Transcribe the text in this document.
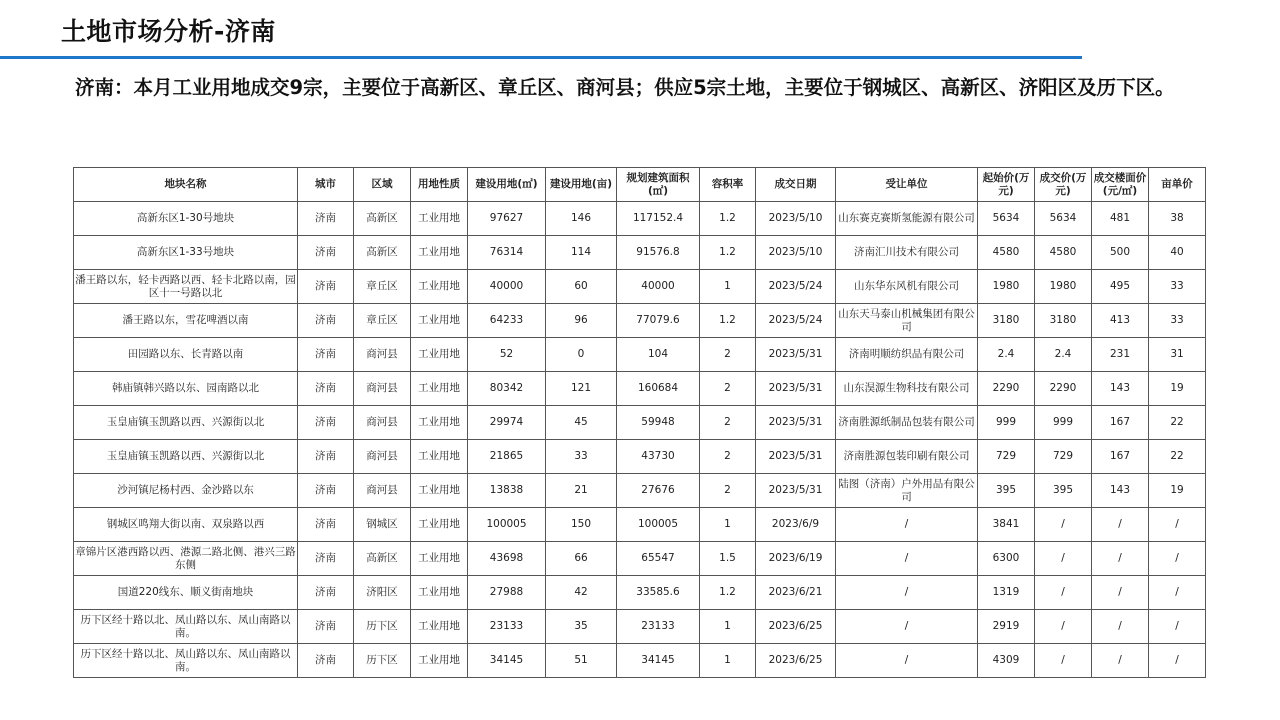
土地市场分析-济南
济南：本月工业用地成交9宗，主要位于高新区、章丘区、商河县；供应5宗土地，主要位于钢城区、高新区、济阳区及历下区。
地块名称	城市	区域	用地性质	建设用地(㎡)	建设用地(亩)	规划建筑面积(㎡)	容积率	成交日期	受让单位	起始价(万元)	成交价(万元)	成交楼面价(元/㎡)	亩单价
高新东区1-30号地块	济南	高新区	工业用地	97627	146	117152.4	1.2	2023/5/10	山东赛克赛斯氢能源有限公司	5634	5634	481	38
高新东区1-33号地块	济南	高新区	工业用地	76314	114	91576.8	1.2	2023/5/10	济南汇川技术有限公司	4580	4580	500	40
潘王路以东，轻卡西路以西、轻卡北路以南，园区十一号路以北	济南	章丘区	工业用地	40000	60	40000	1	2023/5/24	山东华东风机有限公司	1980	1980	495	33
潘王路以东，雪花啤酒以南	济南	章丘区	工业用地	64233	96	77079.6	1.2	2023/5/24	山东天马泰山机械集团有限公司	3180	3180	413	33
田园路以东、长青路以南	济南	商河县	工业用地	52	0	104	2	2023/5/31	济南明顺纺织品有限公司	2.4	2.4	231	31
韩庙镇韩兴路以东、园南路以北	济南	商河县	工业用地	80342	121	160684	2	2023/5/31	山东淏源生物科技有限公司	2290	2290	143	19
玉皇庙镇玉凯路以西、兴源街以北	济南	商河县	工业用地	29974	45	59948	2	2023/5/31	济南胜源纸制品包装有限公司	999	999	167	22
玉皇庙镇玉凯路以西、兴源街以北	济南	商河县	工业用地	21865	33	43730	2	2023/5/31	济南胜源包装印刷有限公司	729	729	167	22
沙河镇尼杨村西、金沙路以东	济南	商河县	工业用地	13838	21	27676	2	2023/5/31	陆图（济南）户外用品有限公司	395	395	143	19
钢城区鸣翔大街以南、双泉路以西	济南	钢城区	工业用地	100005	150	100005	1	2023/6/9	/	3841	/	/	/
章锦片区港西路以西、港源二路北侧、港兴三路东侧	济南	高新区	工业用地	43698	66	65547	1.5	2023/6/19	/	6300	/	/	/
国道220线东、顺义街南地块	济南	济阳区	工业用地	27988	42	33585.6	1.2	2023/6/21	/	1319	/	/	/
历下区经十路以北、凤山路以东、凤山南路以南。	济南	历下区	工业用地	23133	35	23133	1	2023/6/25	/	2919	/	/	/
历下区经十路以北、凤山路以东、凤山南路以南。	济南	历下区	工业用地	34145	51	34145	1	2023/6/25	/	4309	/	/	/
